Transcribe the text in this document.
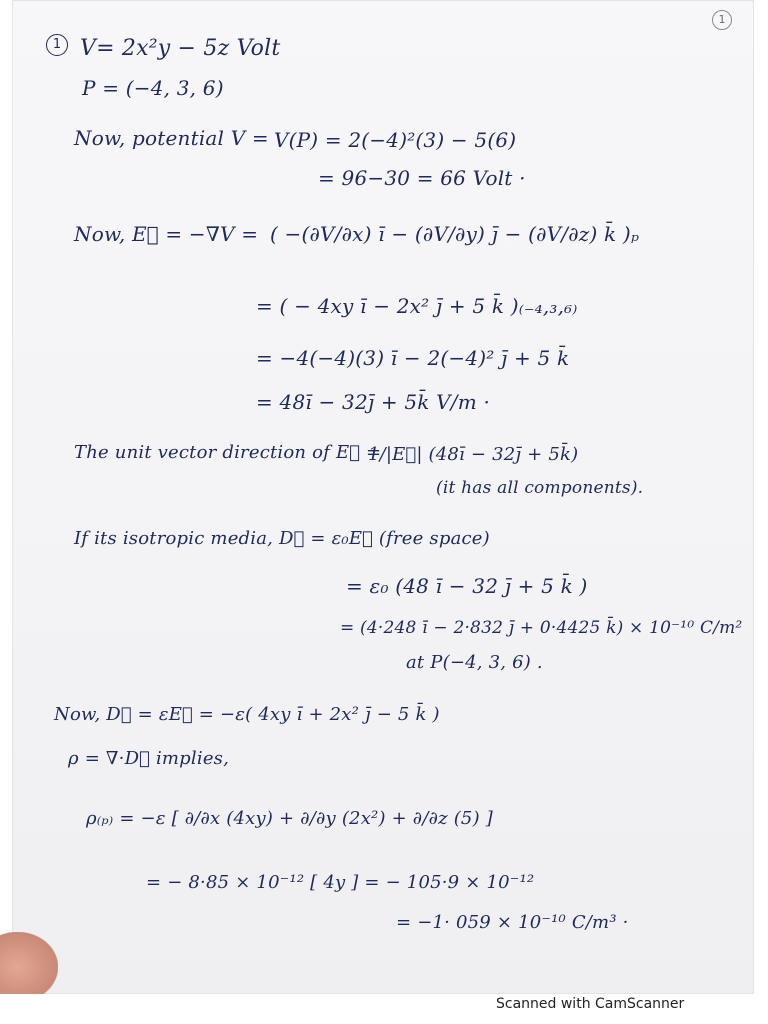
1
1 V= 2x²y − 5z Volt
P = (−4, 3, 6)
Now, potential V = V(P) = 2(−4)²(3) − 5(6)
= 96−30 = 66 Volt ·
Now, E⃗ = −∇V = ( −(∂V/∂x) ī − (∂V/∂y) j̄ − (∂V/∂z) k̄ )ₚ
= ( − 4xy ī − 2x² j̄ + 5 k̄ )₍₋₄,₃,₆₎
= −4(−4)(3) ī − 2(−4)² j̄ + 5 k̄
= 48ī − 32j̄ + 5k̄ V/m ·
The unit vector direction of E⃗ =
1/|E⃗| (48ī − 32j̄ + 5k̄)
(it has all components).
If its isotropic media, D⃗ = ε₀E⃗ (free space)
= ε₀ (48 ī − 32 j̄ + 5 k̄ )
= (4·248 ī − 2·832 j̄ + 0·4425 k̄) × 10⁻¹⁰ C/m²
at P(−4, 3, 6) .
Now, D⃗ = εE⃗ = −ε( 4xy ī + 2x² j̄ − 5 k̄ )
ρ = ∇·D⃗ implies,
ρ₍ₚ₎ = −ε [ ∂/∂x (4xy) + ∂/∂y (2x²) + ∂/∂z (5) ]
= − 8·85 × 10⁻¹² [ 4y ] = − 105·9 × 10⁻¹²
= −1· 059 × 10⁻¹⁰ C/m³ ·
Scanned with CamScanner
